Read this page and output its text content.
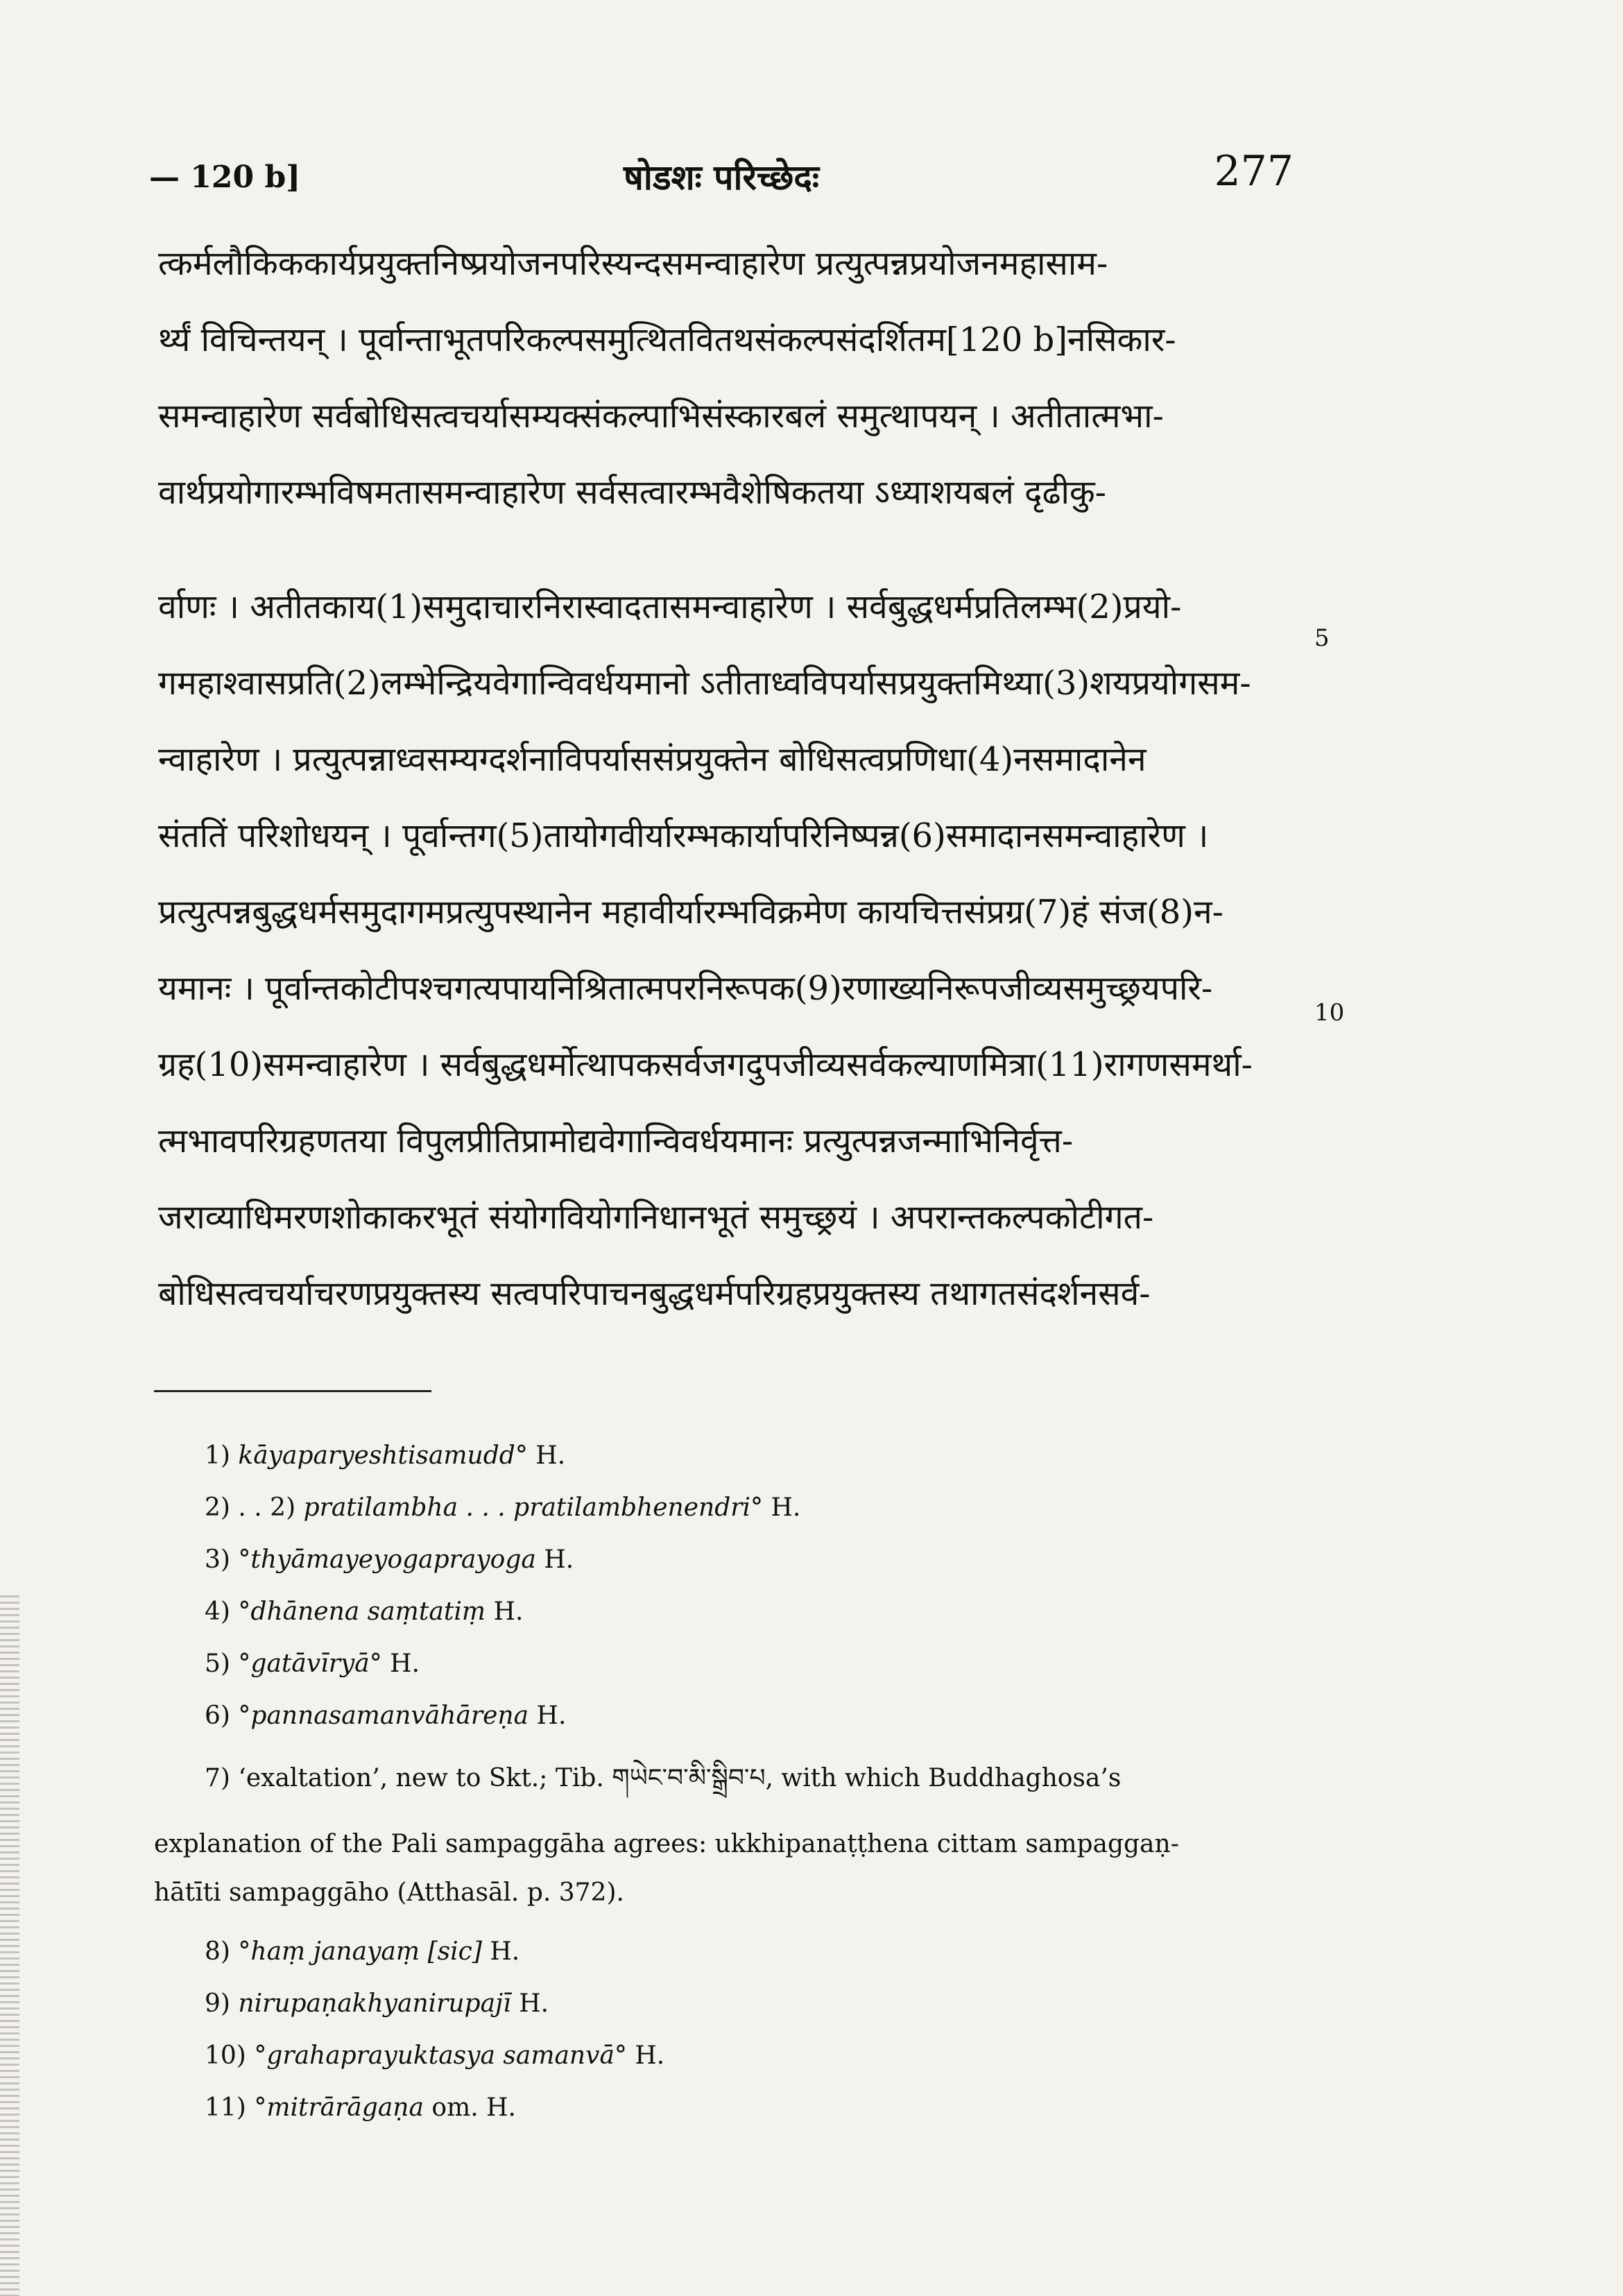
— 120 b]	षोडशः परिच्छेदः	277
त्कर्मलौकिककार्यप्रयुक्तनिष्प्रयोजनपरिस्यन्दसमन्वाहारेण प्रत्युत्पन्नप्रयोजनमहासाम-
र्थ्यं विचिन्तयन् । पूर्वान्ताभूतपरिकल्पसमुत्थितवितथसंकल्पसंदर्शितम[120 b]नसिकार-
समन्वाहारेण सर्वबोधिसत्वचर्यासम्यक्संकल्पाभिसंस्कारबलं समुत्थापयन् । अतीतात्मभा-
वार्थप्रयोगारम्भविषमतासमन्वाहारेण सर्वसत्वारम्भवैशेषिकतया ऽध्याशयबलं दृढीकु-
र्वाणः । अतीतकाय(1)समुदाचारनिरास्वादतासमन्वाहारेण । सर्वबुद्धधर्मप्रतिलम्भ(2)प्रयो-
गमहाश्वासप्रति(2)लम्भेन्द्रियवेगान्विवर्धयमानो ऽतीताध्वविपर्यासप्रयुक्तमिथ्या(3)शयप्रयोगसम-
न्वाहारेण । प्रत्युत्पन्नाध्वसम्यग्दर्शनाविपर्याससंप्रयुक्तेन बोधिसत्वप्रणिधा(4)नसमादानेन
संततिं परिशोधयन् । पूर्वान्तग(5)तायोगवीर्यारम्भकार्यापरिनिष्पन्न(6)समादानसमन्वाहारेण ।
प्रत्युत्पन्नबुद्धधर्मसमुदागमप्रत्युपस्थानेन महावीर्यारम्भविक्रमेण कायचित्तसंप्रग्र(7)हं संज(8)न-
यमानः । पूर्वान्तकोटीपश्चगत्यपायनिश्रितात्मपरनिरूपक(9)रणाख्यनिरूपजीव्यसमुच्छ्रयपरि-
ग्रह(10)समन्वाहारेण । सर्वबुद्धधर्मोत्थापकसर्वजगदुपजीव्यसर्वकल्याणमित्रा(11)रागणसमर्था-
त्मभावपरिग्रहणतया विपुलप्रीतिप्रामोद्यवेगान्विवर्धयमानः प्रत्युत्पन्नजन्माभिनिर्वृत्त-
जराव्याधिमरणशोकाकरभूतं संयोगवियोगनिधानभूतं समुच्छ्रयं । अपरान्तकल्पकोटीगत-
बोधिसत्वचर्याचरणप्रयुक्तस्य सत्वपरिपाचनबुद्धधर्मपरिग्रहप्रयुक्तस्य तथागतसंदर्शनसर्व-
5
10
1) kāyaparyeshtisamudd° H.
2) . . 2) pratilambha . . . pratilambhenendri° H.
3) °thyāmayeyogaprayoga H.
4) °dhānena saṃtatiṃ H.
5) °gatāvīryā° H.
6) °pannasamanvāhāreṇa H.
7) ‘exaltation’, new to Skt.; Tib. གཡེང་བ་མི་སྒྲིབ་པ, with which Buddhaghosa’s
explanation of the Pali sampaggāha agrees: ukkhipanaṭṭhena cittam sampaggaṇ-
hātīti sampaggāho (Atthasāl. p. 372).
8) °haṃ janayaṃ [sic] H.
9) nirupaṇakhyanirupajī H.
10) °grahaprayuktasya samanvā° H.
11) °mitrārāgaṇa om. H.
